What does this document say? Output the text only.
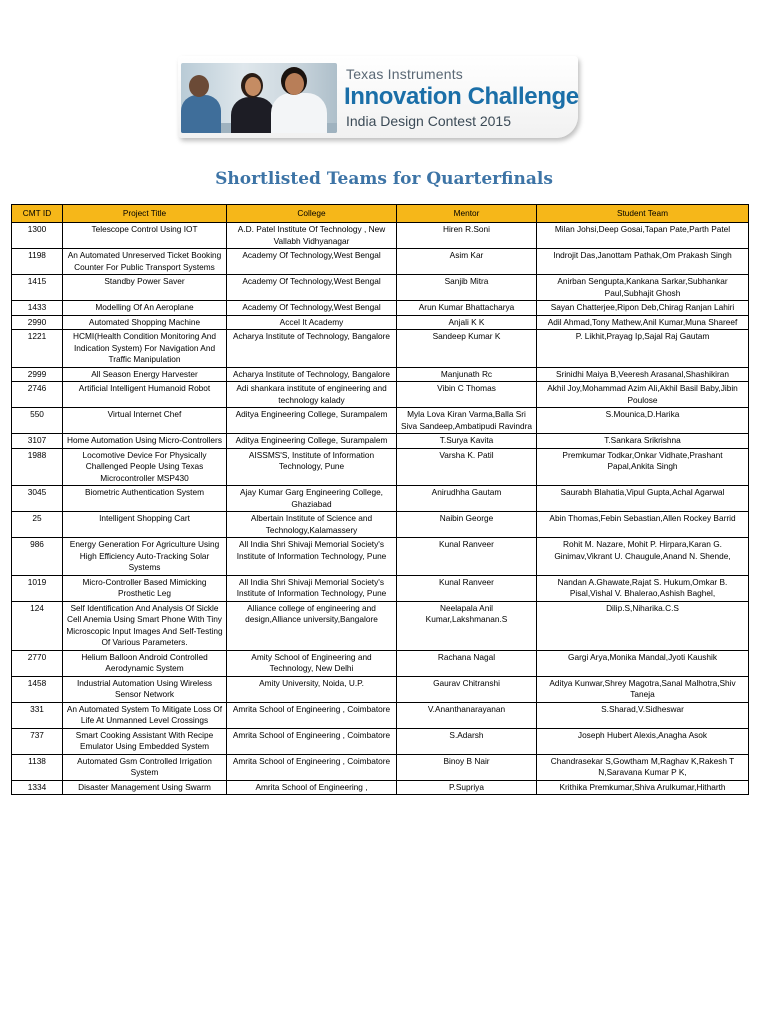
Texas Instruments
Innovation Challenge
India Design Contest 2015
Shortlisted Teams for Quarterfinals
CMT ID	Project Title	College	Mentor	Student Team
1300	Telescope Control Using IOT	A.D. Patel Institute Of Technology , New Vallabh Vidhyanagar	Hiren R.Soni	Milan Johsi,Deep Gosai,Tapan Pate,Parth Patel
1198	An Automated Unreserved Ticket Booking Counter For Public Transport Systems	Academy Of Technology,West Bengal	Asim Kar	Indrojit Das,Janottam Pathak,Om Prakash Singh
1415	Standby Power Saver	Academy Of Technology,West Bengal	Sanjib Mitra	Anirban Sengupta,Kankana Sarkar,Subhankar Paul,Subhajit Ghosh
1433	Modelling Of An Aeroplane	Academy Of Technology,West Bengal	Arun Kumar Bhattacharya	Sayan Chatterjee,Ripon Deb,Chirag Ranjan Lahiri
2990	Automated Shopping Machine	Accel It Academy	Anjali K K	Adil Ahmad,Tony Mathew,Anil Kumar,Muna Shareef
1221	HCMI(Health Condition Monitoring And Indication System) For Navigation And Traffic Manipulation	Acharya Institute of Technology, Bangalore	Sandeep Kumar K	P. Likhit,Prayag Ip,Sajal Raj Gautam
2999	All Season Energy Harvester	Acharya Institute of Technology, Bangalore	Manjunath Rc	Srinidhi Maiya B,Veeresh Arasanal,Shashikiran
2746	Artificial Intelligent Humanoid Robot	Adi shankara institute of engineering and technology kalady	Vibin C Thomas	Akhil Joy,Mohammad Azim Ali,Akhil Basil Baby,Jibin Poulose
550	Virtual Internet Chef	Aditya Engineering College, Surampalem	Myla Lova Kiran Varma,Balla Sri Siva Sandeep,Ambatipudi Ravindra	S.Mounica,D.Harika
3107	Home Automation Using Micro-Controllers	Aditya Engineering College, Surampalem	T.Surya Kavita	T.Sankara Srikrishna
1988	Locomotive Device For Physically Challenged People Using Texas Microcontroller MSP430	AISSMS'S, Institute of Information Technology, Pune	Varsha K. Patil	Premkumar Todkar,Onkar Vidhate,Prashant Papal,Ankita Singh
3045	Biometric Authentication System	Ajay Kumar Garg Engineering College, Ghaziabad	Anirudhha Gautam	Saurabh Blahatia,Vipul Gupta,Achal Agarwal
25	Intelligent Shopping Cart	Albertain Institute of Science and Technology,Kalamassery	Naibin George	Abin Thomas,Febin Sebastian,Allen Rockey Barrid
986	Energy Generation For Agriculture Using High Efficiency Auto-Tracking Solar Systems	All India Shri Shivaji Memorial Society's Institute of Information Technology, Pune	Kunal Ranveer	Rohit M. Nazare, Mohit P. Hirpara,Karan G. Ginimav,Vikrant U. Chaugule,Anand N. Shende,
1019	Micro-Controller Based Mimicking Prosthetic Leg	All India Shri Shivaji Memorial Society's Institute of Information Technology, Pune	Kunal Ranveer	Nandan A.Ghawate,Rajat S. Hukum,Omkar B. Pisal,Vishal V. Bhalerao,Ashish Baghel,
124	Self Identification And Analysis Of Sickle Cell Anemia Using Smart Phone With Tiny Microscopic Input Images And Self-Testing Of Various Parameters.	Alliance college of engineering and design,Alliance university,Bangalore	Neelapala Anil Kumar,Lakshmanan.S	Dilip.S,Niharika.C.S
2770	Helium Balloon Android Controlled Aerodynamic System	Amity School of Engineering and Technology, New Delhi	Rachana Nagal	Gargi Arya,Monika Mandal,Jyoti Kaushik
1458	Industrial Automation Using Wireless Sensor Network	Amity University, Noida, U.P.	Gaurav Chitranshi	Aditya Kunwar,Shrey Magotra,Sanal Malhotra,Shiv Taneja
331	An Automated System To Mitigate Loss Of Life At Unmanned Level Crossings	Amrita School of Engineering , Coimbatore	V.Ananthanarayanan	S.Sharad,V.Sidheswar
737	Smart Cooking Assistant With Recipe Emulator Using Embedded System	Amrita School of Engineering , Coimbatore	S.Adarsh	Joseph Hubert Alexis,Anagha Asok
1138	Automated Gsm Controlled Irrigation System	Amrita School of Engineering , Coimbatore	Binoy B Nair	Chandrasekar S,Gowtham M,Raghav K,Rakesh T N,Saravana Kumar P K,
1334	Disaster Management Using Swarm	Amrita School of Engineering ,	P.Supriya	Krithika Premkumar,Shiva Arulkumar,Hitharth
